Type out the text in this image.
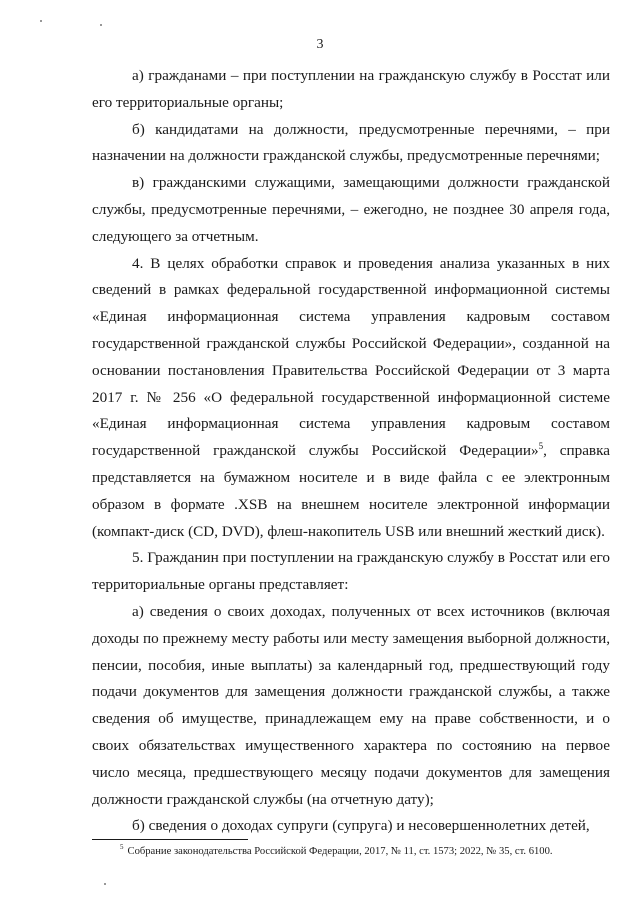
3

а) гражданами – при поступлении на гражданскую службу в Росстат или его территориальные органы;

б) кандидатами на должности, предусмотренные перечнями, – при назначении на должности гражданской службы, предусмотренные перечнями;

в) гражданскими служащими, замещающими должности гражданской службы, предусмотренные перечнями, – ежегодно, не позднее 30 апреля года, следующего за отчетным.

4. В целях обработки справок и проведения анализа указанных в них сведений в рамках федеральной государственной информационной системы «Единая информационная система управления кадровым составом государственной гражданской службы Российской Федерации», созданной на основании постановления Правительства Российской Федерации от 3 марта 2017 г. № 256 «О федеральной государственной информационной системе «Единая информационная система управления кадровым составом государственной гражданской службы Российской Федерации»$^5$, справка представляется на бумажном носителе и в виде файла с ее электронным образом в формате .XSB на внешнем носителе электронной информации (компакт-диск (CD, DVD), флеш-накопитель USB или внешний жесткий диск).

5. Гражданин при поступлении на гражданскую службу в Росстат или его территориальные органы представляет:

а) сведения о своих доходах, полученных от всех источников (включая доходы по прежнему месту работы или месту замещения выборной должности, пенсии, пособия, иные выплаты) за календарный год, предшествующий году подачи документов для замещения должности гражданской службы, а также сведения об имуществе, принадлежащем ему на праве собственности, и о своих обязательствах имущественного характера по состоянию на первое число месяца, предшествующего месяцу подачи документов для замещения должности гражданской службы (на отчетную дату);

б) сведения о доходах супруги (супруга) и несовершеннолетних детей,

$^5$ Собрание законодательства Российской Федерации, 2017, № 11, ст. 1573; 2022, № 35, ст. 6100.
